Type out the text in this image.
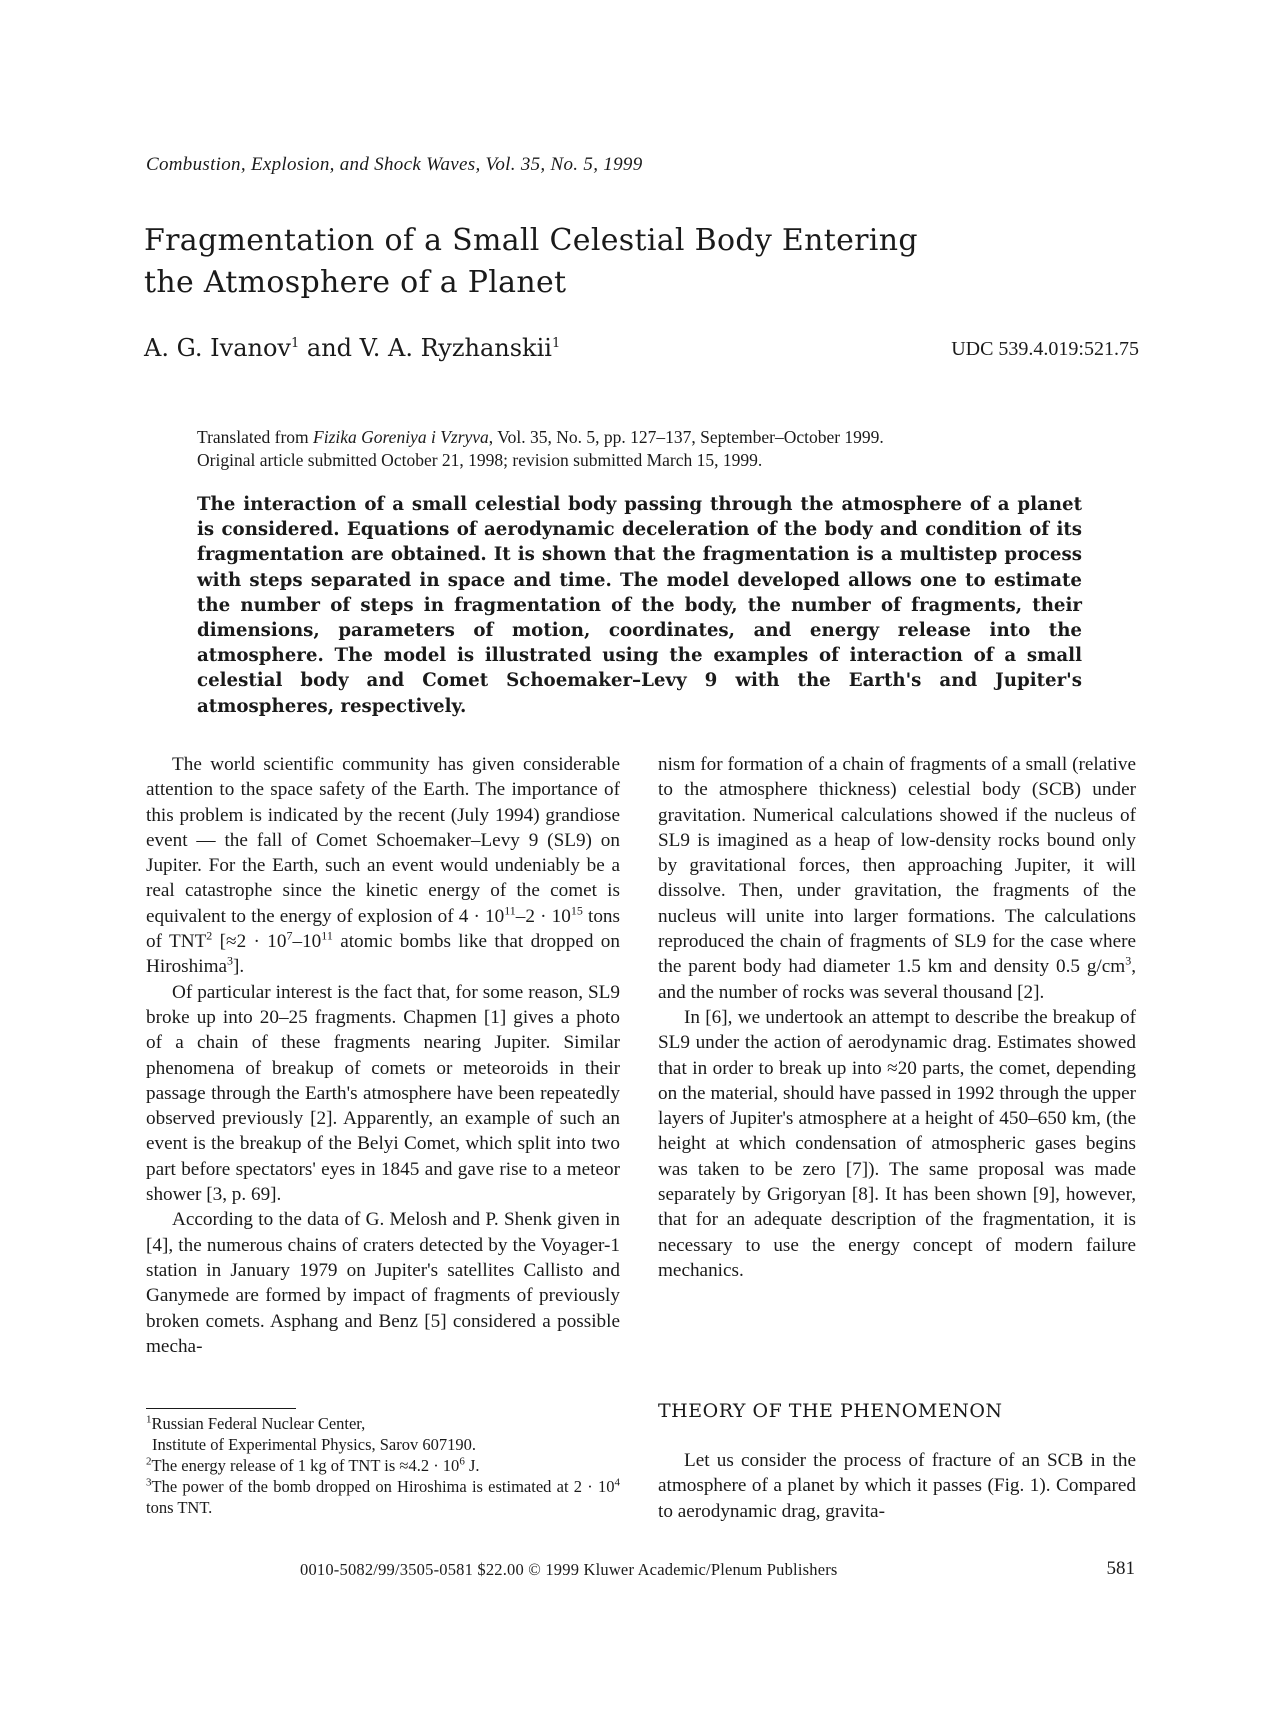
Combustion, Explosion, and Shock Waves, Vol. 35, No. 5, 1999
Fragmentation of a Small Celestial Body Entering
the Atmosphere of a Planet
A. G. Ivanov$^1$ and V. A. Ryzhanskii$^1$	UDC 539.4.019:521.75
Translated from Fizika Goreniya i Vzryva, Vol. 35, No. 5, pp. 127–137, September–October 1999.
Original article submitted October 21, 1998; revision submitted March 15, 1999.

The interaction of a small celestial body passing through the atmosphere of a planet is considered. Equations of aerodynamic deceleration of the body and condition of its fragmentation are obtained. It is shown that the fragmentation is a multistep process with steps separated in space and time. The model developed allows one to estimate the number of steps in fragmentation of the body, the number of fragments, their dimensions, parameters of motion, coordinates, and energy release into the atmosphere. The model is illustrated using the examples of interaction of a small celestial body and Comet Schoemaker–Levy 9 with the Earth's and Jupiter's atmospheres, respectively.

The world scientific community has given considerable attention to the space safety of the Earth. The importance of this problem is indicated by the recent (July 1994) grandiose event — the fall of Comet Schoemaker–Levy 9 (SL9) on Jupiter. For the Earth, such an event would undeniably be a real catastrophe since the kinetic energy of the comet is equivalent to the energy of explosion of $4 \cdot 10^{11}-2 \cdot 10^{15}$ tons of TNT$^2$ [$\approx 2 \cdot 10^7-10^{11}$ atomic bombs like that dropped on Hiroshima$^3$].

Of particular interest is the fact that, for some reason, SL9 broke up into 20–25 fragments. Chapmen [1] gives a photo of a chain of these fragments nearing Jupiter. Similar phenomena of breakup of comets or meteoroids in their passage through the Earth's atmosphere have been repeatedly observed previously [2]. Apparently, an example of such an event is the breakup of the Belyi Comet, which split into two part before spectators' eyes in 1845 and gave rise to a meteor shower [3, p. 69].

According to the data of G. Melosh and P. Shenk given in [4], the numerous chains of craters detected by the Voyager-1 station in January 1979 on Jupiter's satellites Callisto and Ganymede are formed by impact of fragments of previously broken comets. Asphang and Benz [5] considered a possible mecha-

$^1$Russian Federal Nuclear Center,

Institute of Experimental Physics, Sarov 607190.

$^2$The energy release of 1 kg of TNT is $\approx 4.2 \cdot 10^6$ J.

$^3$The power of the bomb dropped on Hiroshima is estimated at $2 \cdot 10^4$ tons TNT.

nism for formation of a chain of fragments of a small (relative to the atmosphere thickness) celestial body (SCB) under gravitation. Numerical calculations showed if the nucleus of SL9 is imagined as a heap of low-density rocks bound only by gravitational forces, then approaching Jupiter, it will dissolve. Then, under gravitation, the fragments of the nucleus will unite into larger formations. The calculations reproduced the chain of fragments of SL9 for the case where the parent body had diameter 1.5 km and density 0.5 $g/cm^3$, and the number of rocks was several thousand [2].

In [6], we undertook an attempt to describe the breakup of SL9 under the action of aerodynamic drag. Estimates showed that in order to break up into ≈20 parts, the comet, depending on the material, should have passed in 1992 through the upper layers of Jupiter's atmosphere at a height of 450–650 km, (the height at which condensation of atmospheric gases begins was taken to be zero [7]). The same proposal was made separately by Grigoryan [8]. It has been shown [9], however, that for an adequate description of the fragmentation, it is necessary to use the energy concept of modern failure mechanics.

THEORY OF THE PHENOMENON

Let us consider the process of fracture of an SCB in the atmosphere of a planet by which it passes (Fig. 1). Compared to aerodynamic drag, gravita-

0010-5082/99/3505-0581 $22.00 © 1999 Kluwer Academic/Plenum Publishers	581
